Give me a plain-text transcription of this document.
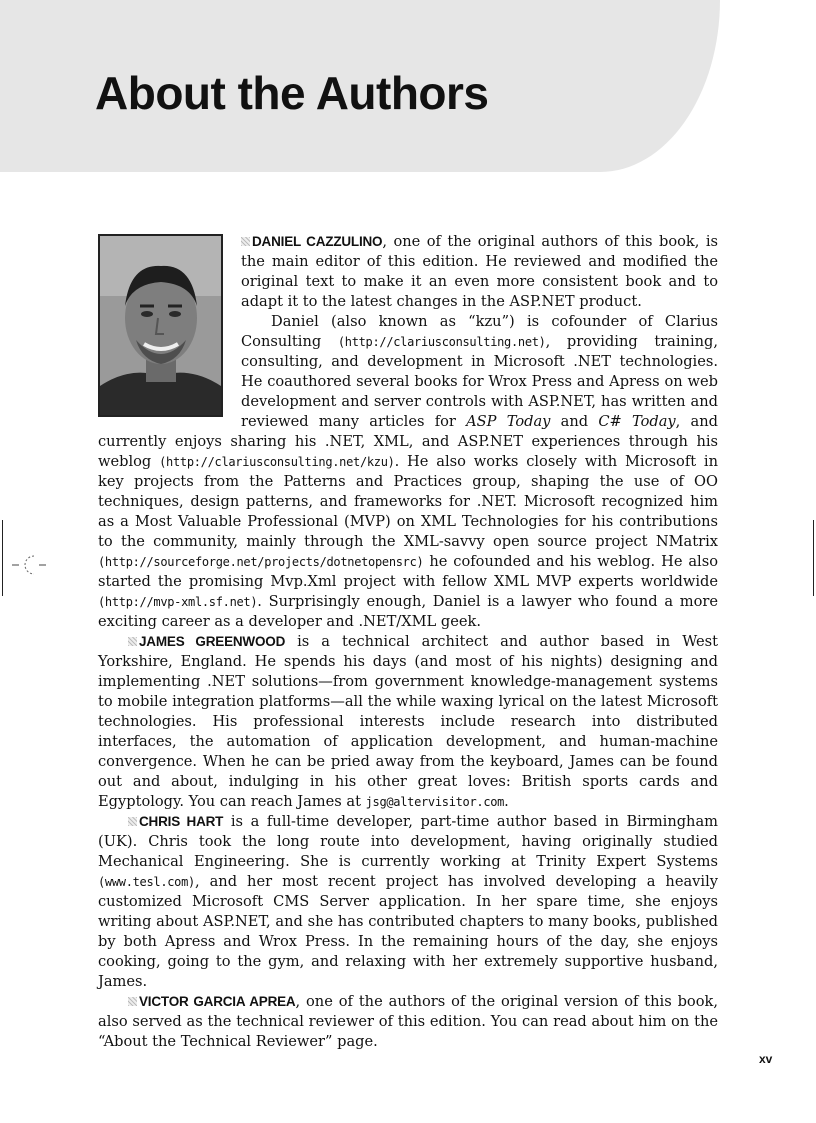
About the Authors

DANIEL CAZZULINO, one of the original authors of this book, is the main editor of this edition. He reviewed and modified the original text to make it an even more consistent book and to adapt it to the latest changes in the ASP.NET product.

Daniel (also known as “kzu”) is cofounder of Clarius Consulting (http://clariusconsulting.net), providing training, consulting, and development in Microsoft .NET technologies. He coauthored several books for Wrox Press and Apress on web development and server controls with ASP.NET, has written and reviewed many articles for ASP Today and C# Today, and currently enjoys sharing his .NET, XML, and ASP.NET experiences through his weblog (http://clariusconsulting.net/kzu). He also works closely with Microsoft in key projects from the Patterns and Practices group, shaping the use of OO techniques, design patterns, and frameworks for .NET. Microsoft recognized him as a Most Valuable Professional (MVP) on XML Technologies for his contributions to the community, mainly through the XML-savvy open source project NMatrix (http://sourceforge.net/projects/dotnetopensrc) he cofounded and his weblog. He also started the promising Mvp.Xml project with fellow XML MVP experts worldwide (http://mvp-xml.sf.net). Surprisingly enough, Daniel is a lawyer who found a more exciting career as a developer and .NET/XML geek.

JAMES GREENWOOD is a technical architect and author based in West Yorkshire, England. He spends his days (and most of his nights) designing and implementing .NET solutions—from government knowledge-management systems to mobile integration platforms—all the while waxing lyrical on the latest Microsoft technologies. His professional interests include research into distributed interfaces, the automation of application development, and human-machine convergence. When he can be pried away from the keyboard, James can be found out and about, indulging in his other great loves: British sports cards and Egyptology. You can reach James at jsg@altervisitor.com.

CHRIS HART is a full-time developer, part-time author based in Birmingham (UK). Chris took the long route into development, having originally studied Mechanical Engineering. She is currently working at Trinity Expert Systems (www.tesl.com), and her most recent project has involved developing a heavily customized Microsoft CMS Server application. In her spare time, she enjoys writing about ASP.NET, and she has contributed chapters to many books, published by both Apress and Wrox Press. In the remaining hours of the day, she enjoys cooking, going to the gym, and relaxing with her extremely supportive husband, James.

VICTOR GARCIA APREA, one of the authors of the original version of this book, also served as the technical reviewer of this edition. You can read about him on the “About the Technical Reviewer” page.

xv
